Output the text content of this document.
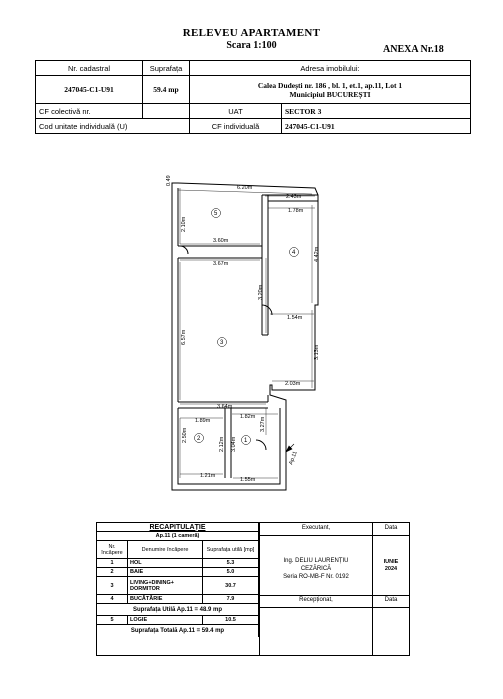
RELEVEU APARTAMENT
Scara 1:100	ANEXA Nr.18
Nr. cadastral	Suprafața	Adresa imobilului:	
247045-C1-U91	59.4 mp	Calea Dudești nr. 186 , bl. 1, et.1, ap.11, Lot 1
Municipiul BUCUREȘTI	

CF colectivă nr.		UAT	SECTOR 3
Cod unitate individuală (U)		CF individuală	247045-C1-U91
6.20m
2.43m
1.78m
2.10m
3.60m
3.67m
4.42m
3.20m
1.54m
6.57m
3.13m
2.03m
3.64m
1.82m
1.89m	3.27m
2.50m
2.12m 3.04m
1.21m
1.55m
0.49
5
4
3
2	1
Ap.11
RECAPITULAȚIE		
Ap.11 (1 cameră)		
Nr. încăpere	Denumire încăpere	Suprafața utilă [mp]
1	HOL	5.3
2	BAIE	5.0
3	LIVING+DINING+ DORMITOR	30.7
4	BUCĂTĂRIE	7.9
Suprafața Utilă Ap.11 = 48.9 mp		
5	LOGIE	10.5
Suprafața Totală Ap.11 = 59.4 mp		
Executant,	Data
Ing. DELIU LAURENȚIU
CEZĂRICĂ
Seria RO-MB-F Nr. 0192
IUNIE
2024
Recepționat,	Data
